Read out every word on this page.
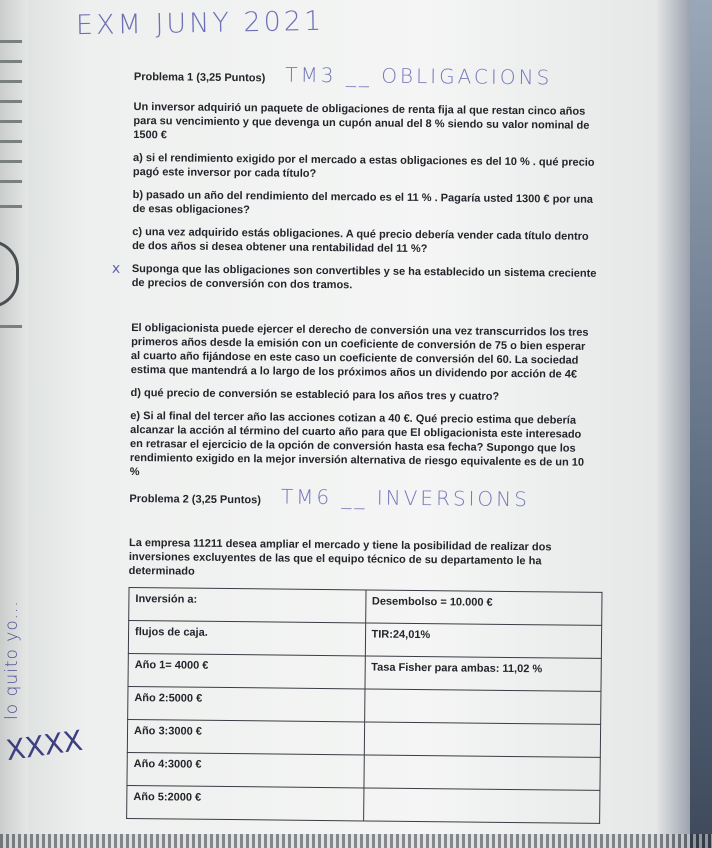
EXM JUNY 2021
lo quito yo...
XXXX
Problema 1 (3,25 Puntos) TM3 __ OBLIGACIONS

Un inversor adquirió un paquete de obligaciones de renta fija al que restan cinco años para su vencimiento y que devenga un cupón anual del 8 % siendo su valor nominal de 1500 €

a) si el rendimiento exigido por el mercado a estas obligaciones es del 10 % . qué precio pagó este inversor por cada título?

b) pasado un año del rendimiento del mercado es el 11 % . Pagaría usted 1300 € por una de esas obligaciones?

c) una vez adquirido estás obligaciones. A qué precio debería vender cada título dentro de dos años si desea obtener una rentabilidad del 11 %?

x Suponga que las obligaciones son convertibles y se ha establecido un sistema creciente de precios de conversión con dos tramos.

El obligacionista puede ejercer el derecho de conversión una vez transcurridos los tres primeros años desde la emisión con un coeficiente de conversión de 75 o bien esperar al cuarto año fijándose en este caso un coeficiente de conversión del 60. La sociedad estima que mantendrá a lo largo de los próximos años un dividendo por acción de 4€

d) qué precio de conversión se estableció para los años tres y cuatro?

e) Si al final del tercer año las acciones cotizan a 40 €. Qué precio estima que debería alcanzar la acción al término del cuarto año para que El obligacionista este interesado en retrasar el ejercicio de la opción de conversión hasta esa fecha? Supongo que los rendimiento exigido en la mejor inversión alternativa de riesgo equivalente es de un 10 %

Problema 2 (3,25 Puntos) TM6 __ INVERSIONS

La empresa 11211 desea ampliar el mercado y tiene la posibilidad de realizar dos inversiones excluyentes de las que el equipo técnico de su departamento le ha determinado

Inversión a:	Desembolso = 10.000 €
flujos de caja.	TIR:24,01%
Año 1= 4000 €	Tasa Fisher para ambas: 11,02 %
Año 2:5000 €	
Año 3:3000 €	
Año 4:3000 €	
Año 5:2000 €	
